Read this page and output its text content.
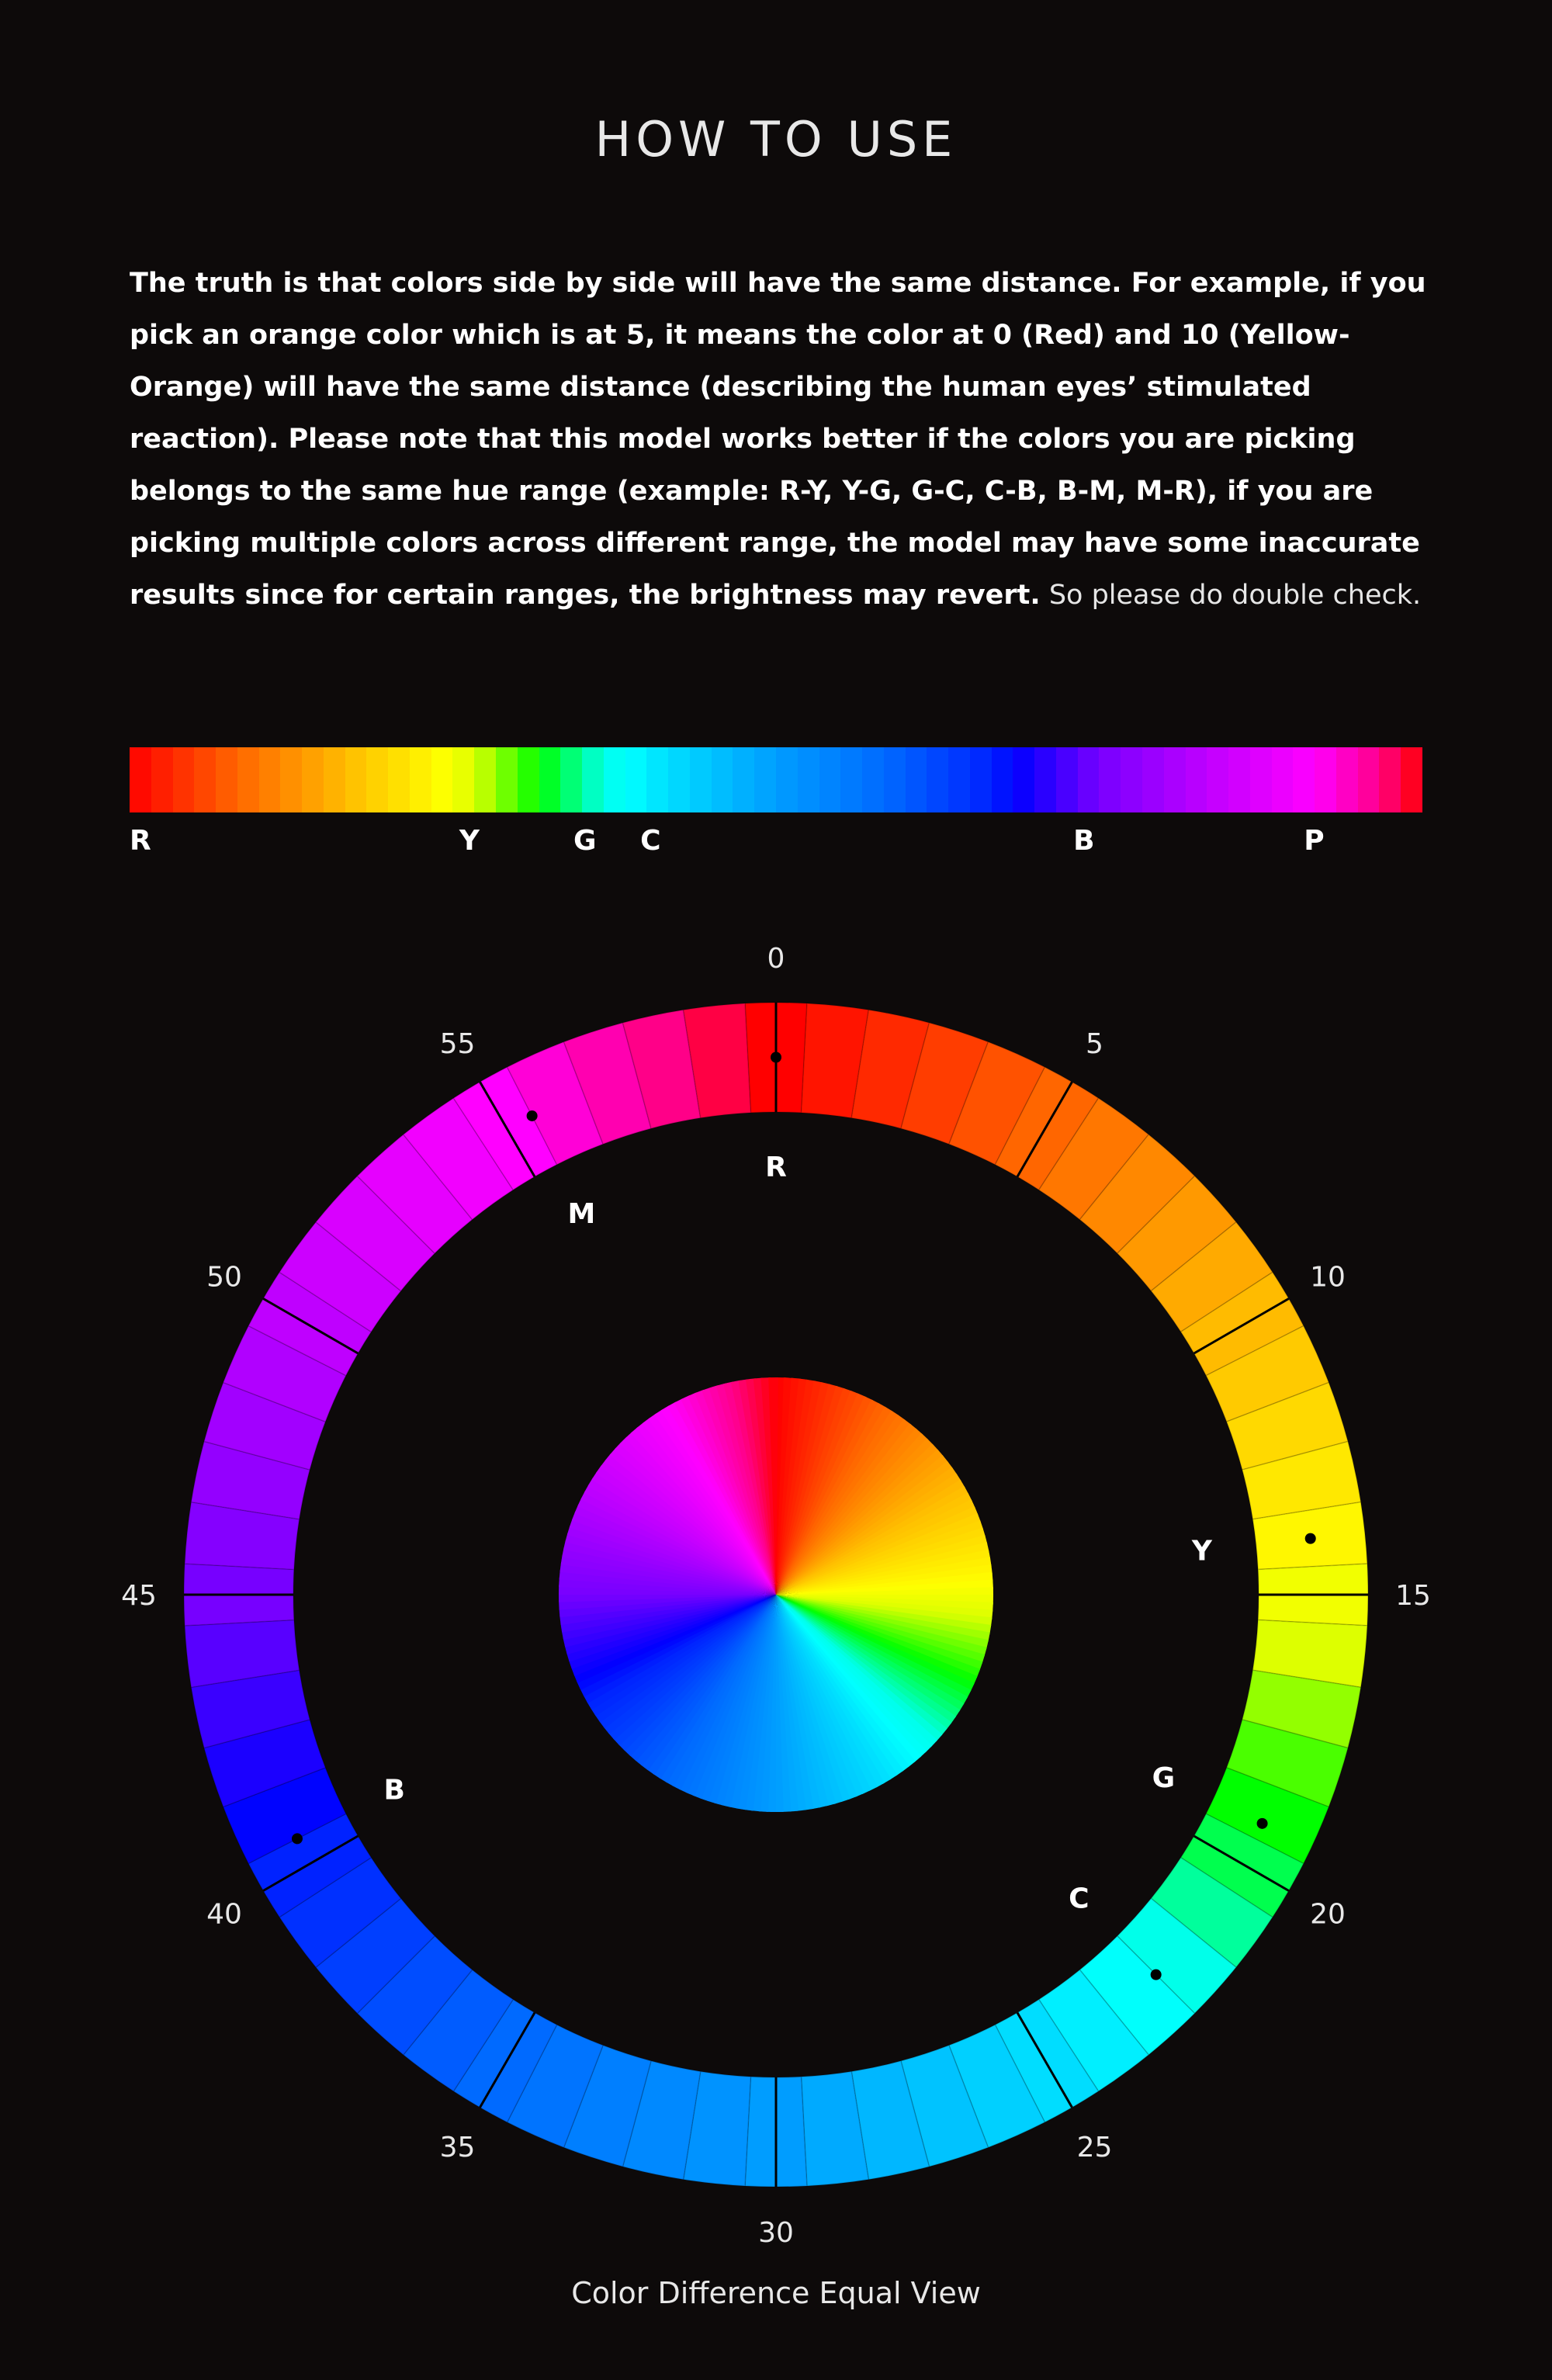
HOW TO USE

The truth is that colors side by side will have the same distance. For example, if you pick an orange color which is at 5, it means the color at 0 (Red) and 10 (Yellow-Orange) will have the same distance (describing the human eyes’ stimulated reaction). Please note that this model works better if the colors you are picking belongs to the same hue range (example: R-Y, Y-G, G-C, C-B, B-M, M-R), if you are picking multiple colors across different range, the model may have some inaccurate results since for certain ranges, the brightness may revert. So please do double check.

R	Y	G C	B	P
0
5
10
15
20
25
30
35
40
45
50
55
R
Y
G
C
B
M
Color Difference Equal View
